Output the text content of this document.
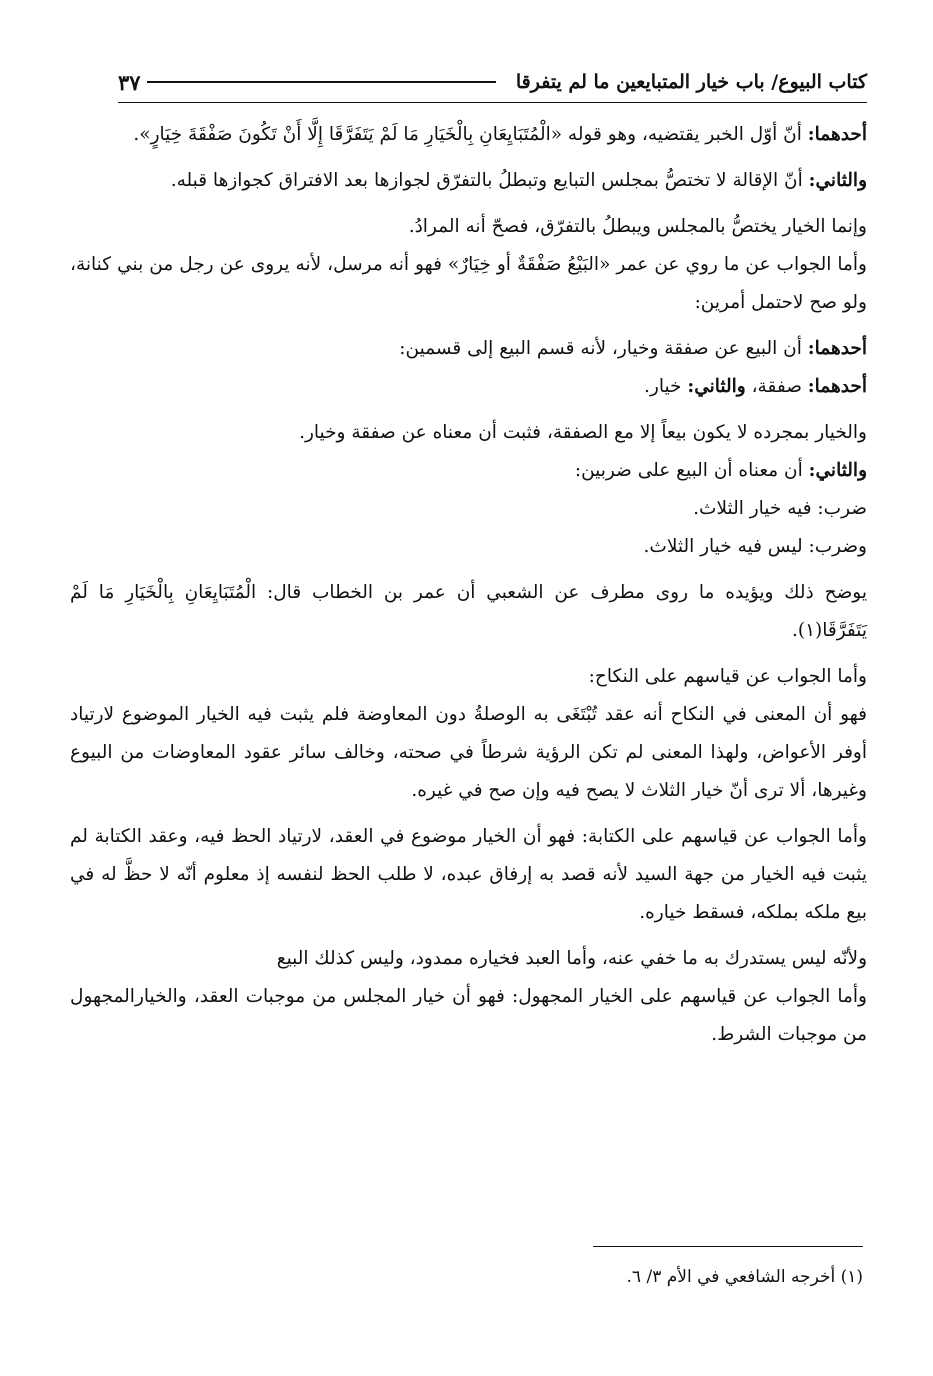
كتاب البيوع/ باب خيار المتبايعين ما لم يتفرقا
٣٧

أحدهما: أنّ أوّل الخبر يقتضيه، وهو قوله «الْمُتَبَايِعَانِ بِالْخَيَارِ مَا لَمْ يَتَفَرَّقَا إِلَّا أَنْ تَكُونَ صَفْقَةَ خِيَارٍ».

والثاني: أنّ الإقالة لا تختصُّ بمجلس التبايع وتبطلُ بالتفرّق لجوازها بعد الافتراق كجوازها قبله.

وإنما الخيار يختصُّ بالمجلس ويبطلُ بالتفرّق، فصحّ أنه المرادُ.

وأما الجواب عن ما روي عن عمر «البَيْعُ صَفْقَةٌ أو خِيَارٌ» فهو أنه مرسل، لأنه يروى عن رجل من بني كنانة، ولو صح لاحتمل أمرين:

أحدهما: أن البيع عن صفقة وخيار، لأنه قسم البيع إلى قسمين:

أحدهما: صفقة، والثاني: خيار.

والخيار بمجرده لا يكون بيعاً إلا مع الصفقة، فثبت أن معناه عن صفقة وخيار.

والثاني: أن معناه أن البيع على ضربين:

ضرب: فيه خيار الثلاث.

وضرب: ليس فيه خيار الثلاث.

يوضح ذلك ويؤيده ما روى مطرف عن الشعبي أن عمر بن الخطاب قال: الْمُتَبَايِعَانِ بِالْخَيَارِ مَا لَمْ يَتَفَرَّقَا(١).

وأما الجواب عن قياسهم على النكاح:

فهو أن المعنى في النكاح أنه عقد تُبْتَغَى به الوصلةُ دون المعاوضة فلم يثبت فيه الخيار الموضوع لارتياد أوفر الأعواض، ولهذا المعنى لم تكن الرؤية شرطاً في صحته، وخالف سائر عقود المعاوضات من البيوع وغيرها، ألا ترى أنّ خيار الثلاث لا يصح فيه وإن صح في غيره.

وأما الجواب عن قياسهم على الكتابة: فهو أن الخيار موضوع في العقد، لارتياد الحظ فيه، وعقد الكتابة لم يثبت فيه الخيار من جهة السيد لأنه قصد به إرفاق عبده، لا طلب الحظ لنفسه إذ معلوم أنّه لا حظَّ له في بيع ملكه بملكه، فسقط خياره.

ولأنّه ليس يستدرك به ما خفي عنه، وأما العبد فخياره ممدود، وليس كذلك البيع

وأما الجواب عن قياسهم على الخيار المجهول: فهو أن خيار المجلس من موجبات العقد، والخيارالمجهول من موجبات الشرط.

(١) أخرجه الشافعي في الأم ٣/ ٦.
